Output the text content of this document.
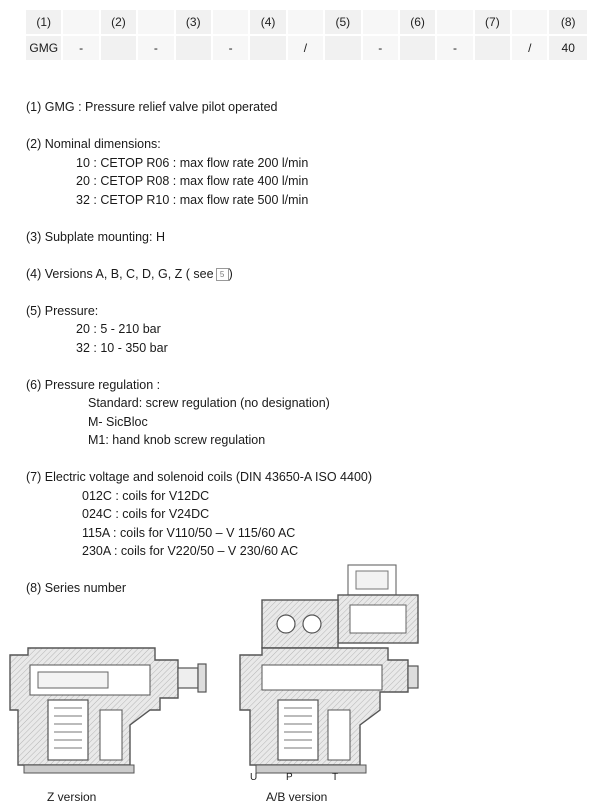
(1)		(2)		(3)		(4)		(5)		(6)		(7)		(8)
GMG	-		-		-		/		-		-		/	40

(1) GMG : Pressure relief valve pilot operated

(2) Nominal dimensions:

10 : CETOP R06 : max flow rate 200 l/min

20 : CETOP R08 : max flow rate 400 l/min

32 : CETOP R10 : max flow rate 500 l/min

(3) Subplate mounting: H

(4) Versions A, B, C, D, G, Z ( see 5 )

(5) Pressure:

20 : 5 - 210 bar

32 : 10 - 350 bar

(6) Pressure regulation :

Standard: screw regulation (no designation)

M- SicBloc

M1: hand knob screw regulation

(7) Electric voltage and solenoid coils (DIN 43650-A ISO 4400)

012C : coils for V12DC

024C : coils for V24DC

115A : coils for V110/50 – V 115/60 AC

230A : coils for V220/50 – V 230/60 AC

(8) Series number

U	P	T
Z version	A/B version
